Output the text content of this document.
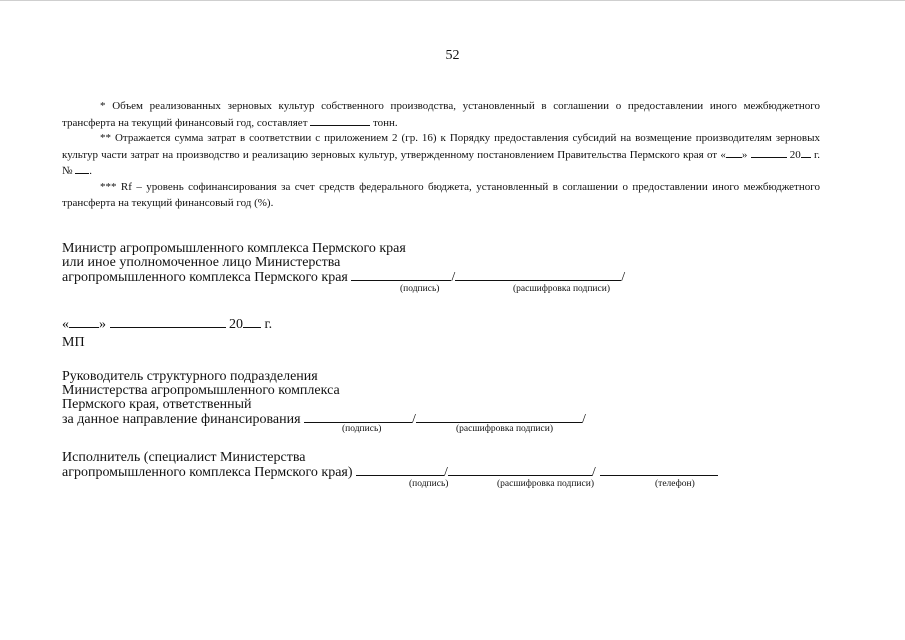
52

* Объем реализованных зерновых культур собственного производства, установленный в соглашении о предоставлении иного межбюджетного трансферта на текущий финансовый год, составляет	тонн.

** Отражается сумма затрат в соответствии с приложением 2 (гр. 16) к Порядку предоставления субсидий на возмещение производителям зерновых культур части затрат на производство и реализацию зерновых культур, утвержденному постановлением Правительства Пермского края от « »	20 г. № .

*** Rf – уровень софинансирования за счет средств федерального бюджета, установленный в соглашении о предоставлении иного межбюджетного трансферта на текущий финансовый год (%).

Министр агропромышленного комплекса Пермского края
или иное уполномоченное лицо Министерства
агропромышленного комплекса Пермского края	/	/
(подпись)	(расшифровка подписи)
« »	20 г.
МП
Руководитель структурного подразделения
Министерства агропромышленного комплекса
Пермского края, ответственный
за данное направление финансирования	/	/
(подпись)	(расшифровка подписи)
Исполнитель (специалист Министерства
агропромышленного комплекса Пермского края)	/	/
(подпись)	(расшифровка подписи)	(телефон)
